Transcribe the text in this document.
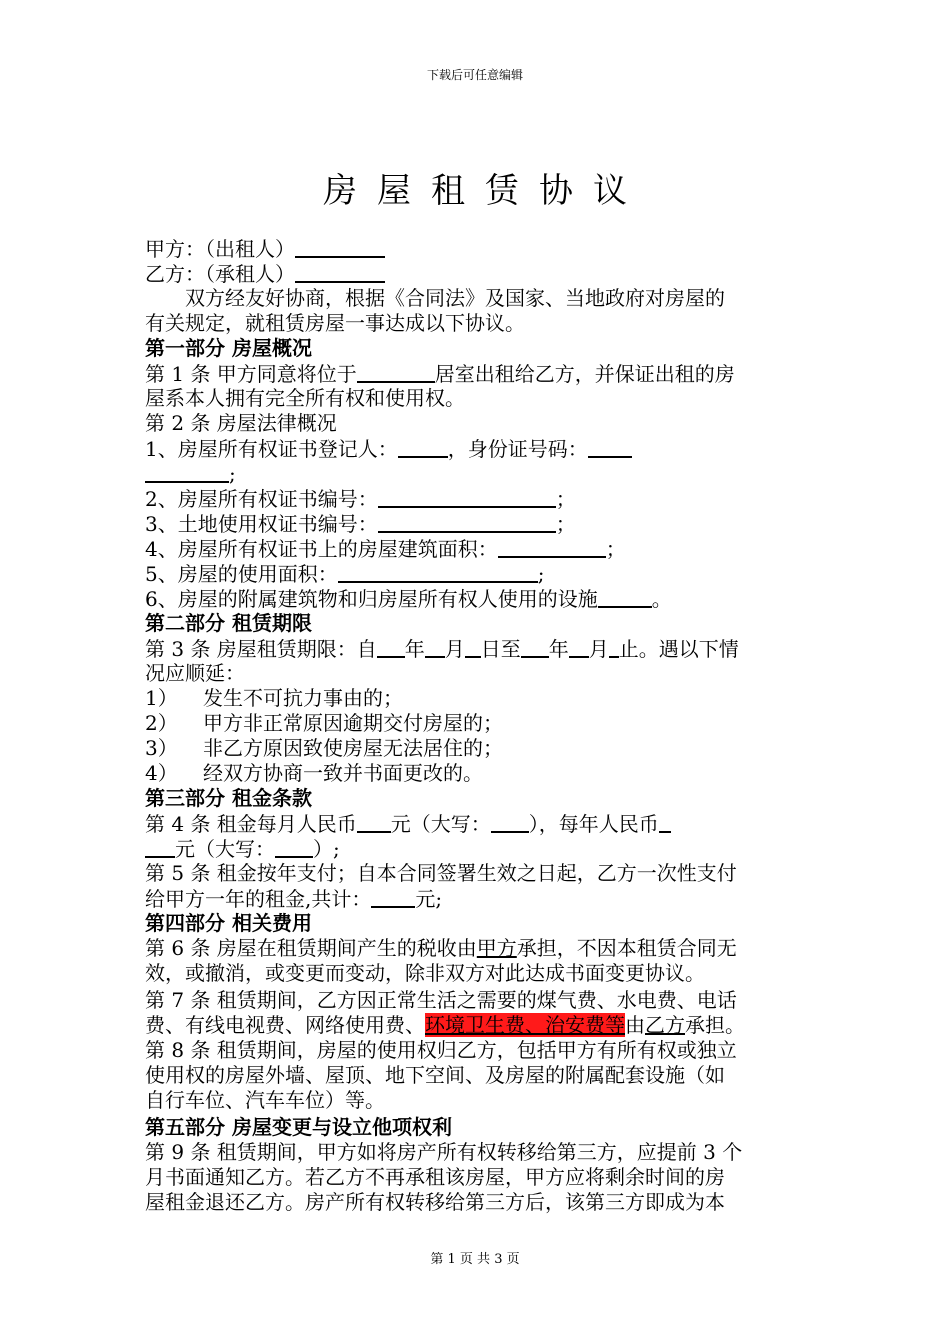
下载后可任意编辑
房屋租赁协议
甲方：（出租人）
乙方：（承租人）
双方经友好协商，根据《合同法》及国家、当地政府对房屋的
有关规定，就租赁房屋一事达成以下协议。
第一部分 房屋概况
第 1 条 甲方同意将位于	居室出租给乙方，并保证出租的房
屋系本人拥有完全所有权和使用权。
第 2 条 房屋法律概况
1、房屋所有权证书登记人：	，身份证号码：
;
2、房屋所有权证书编号：	；
3、土地使用权证书编号：	；
4、房屋所有权证书上的房屋建筑面积：	；
5、房屋的使用面积：	;
6、房屋的附属建筑物和归房屋所有权人使用的设施	。
第二部分 租赁期限
第 3 条 房屋租赁期限：自 年 月 日至 年 月 止。遇以下情
况应顺延：
1） 发生不可抗力事由的；
2） 甲方非正常原因逾期交付房屋的；
3） 非乙方原因致使房屋无法居住的；
4） 经双方协商一致并书面更改的。
第三部分 租金条款
第 4 条 租金每月人民币 元（大写： ），每年人民币
元（大写： ）;
第 5 条 租金按年支付；自本合同签署生效之日起，乙方一次性支付
给甲方一年的租金,共计： 元;
第四部分 相关费用
第 6 条 房屋在租赁期间产生的税收由甲方承担，不因本租赁合同无
效，或撤消，或变更而变动，除非双方对此达成书面变更协议。
第 7 条 租赁期间，乙方因正常生活之需要的煤气费、水电费、电话
费、有线电视费、网络使用费、环境卫生费、治安费等由乙方承担。
第 8 条 租赁期间，房屋的使用权归乙方，包括甲方有所有权或独立
使用权的房屋外墙、屋顶、地下空间、及房屋的附属配套设施（如
自行车位、汽车车位）等。
第五部分 房屋变更与设立他项权利
第 9 条 租赁期间，甲方如将房产所有权转移给第三方，应提前 3 个
月书面通知乙方。若乙方不再承租该房屋，甲方应将剩余时间的房
屋租金退还乙方。房产所有权转移给第三方后，该第三方即成为本
第 1 页 共 3 页
